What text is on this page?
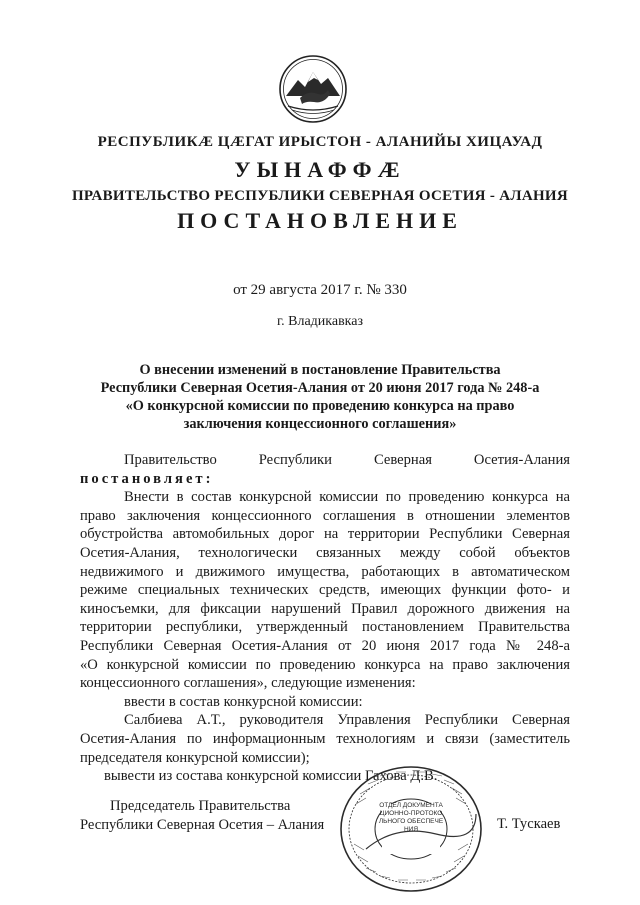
РЕСПУБЛИКӔ ЦӔГАТ ИРЫСТОН - АЛАНИЙЫ ХИЦАУАД
УЫНАФФӔ
ПРАВИТЕЛЬСТВО РЕСПУБЛИКИ СЕВЕРНАЯ ОСЕТИЯ - АЛАНИЯ
ПОСТАНОВЛЕНИЕ
от 29 августа 2017 г. № 330
г. Владикавказ
О внесении изменений в постановление Правительства
Республики Северная Осетия-Алания от 20 июня 2017 года № 248-а
«О конкурсной комиссии по проведению конкурса на право
заключения концессионного соглашения»
Правительство	Республики	Северная	Осетия-Алания
постановляет:
Внести в состав конкурсной комиссии по проведению конкурса на
право заключения концессионного соглашения в отношении элементов
обустройства автомобильных дорог на территории Республики Северная
Осетия-Алания, технологически связанных между собой объектов
недвижимого и движимого имущества, работающих в автоматическом
режиме специальных технических средств, имеющих функции фото- и
киносъемки, для фиксации нарушений Правил дорожного движения на
территории республики, утвержденный постановлением Правительства
Республики Северная Осетия-Алания от 20 июня 2017 года № 248-а
«О конкурсной комиссии по проведению конкурса на право заключения
концессионного соглашения», следующие изменения:
ввести в состав конкурсной комиссии:
Салбиева А.Т., руководителя Управления Республики Северная
Осетия-Алания по информационным технологиям и связи (заместитель
председателя конкурсной комиссии);
вывести из состава конкурсной комиссии Гахова Д.В.
Председатель Правительства
Республики Северная Осетия – Алания
ОТДЕЛ ДОКУМЕНТАЦИОННО-ПРОТОКОЛЬНОГО ОБЕСПЕЧЕНИЯ	Т. Тускаев
